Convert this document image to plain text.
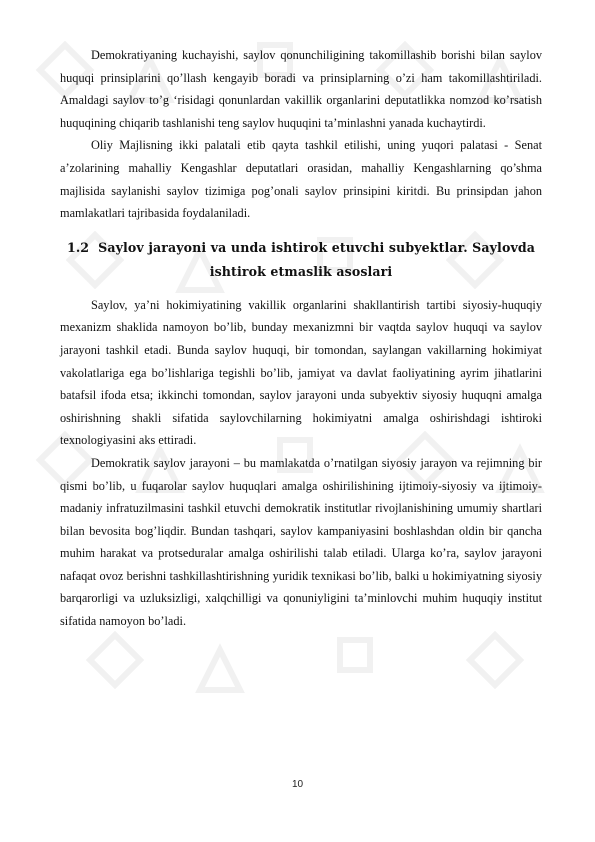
Demokratiyaning kuchayishi, saylov qonunchiligining takomillashib borishi bilan saylov huquqi prinsiplarini qo’llash kengayib boradi va prinsiplarning o’zi ham takomillashtiriladi. Amaldagi saylov to’g ‘risidagi qonunlardan vakillik organlarini deputatlikka nomzod ko’rsatish huquqining chiqarib tashlanishi teng saylov huquqini ta’minlashni yanada kuchaytirdi.

Oliy Majlisning ikki palatali etib qayta tashkil etilishi, uning yuqori palatasi - Senat a’zolarining mahalliy Kengashlar deputatlari orasidan, mahalliy Kengashlarning qo’shma majlisida saylanishi saylov tizimiga pog’onali saylov prinsipini kiritdi. Bu prinsipdan jahon mamlakatlari tajribasida foydalaniladi.

1.2 Saylov jarayoni va unda ishtirok etuvchi subyektlar. Saylovda ishtirok etmaslik asoslari

Saylov, ya’ni hokimiyatining vakillik organlarini shakllantirish tartibi siyosiy-huquqiy mexanizm shaklida namoyon bo’lib, bunday mexanizmni bir vaqtda saylov huquqi va saylov jarayoni tashkil etadi. Bunda saylov huquqi, bir tomondan, saylangan vakillarning hokimiyat vakolatlariga ega bo’lishlariga tegishli bo’lib, jamiyat va davlat faoliyatining ayrim jihatlarini batafsil ifoda etsa; ikkinchi tomondan, saylov jarayoni unda subyektiv siyosiy huquqni amalga oshirishning shakli sifatida saylovchilarning hokimiyatni amalga oshirishdagi ishtiroki texnologiyasini aks ettiradi.

Demokratik saylov jarayoni – bu mamlakatda o’rnatilgan siyosiy jarayon va rejimning bir qismi bo’lib, u fuqarolar saylov huquqlari amalga oshirilishining ijtimoiy-siyosiy va ijtimoiy-madaniy infratuzilmasini tashkil etuvchi demokratik institutlar rivojlanishining umumiy shartlari bilan bevosita bog’liqdir. Bundan tashqari, saylov kampaniyasini boshlashdan oldin bir qancha muhim harakat va protseduralar amalga oshirilishi talab etiladi. Ularga ko’ra, saylov jarayoni nafaqat ovoz berishni tashkillashtirishning yuridik texnikasi bo’lib, balki u hokimiyatning siyosiy barqarorligi va uzluksizligi, xalqchilligi va qonuniyligini ta’minlovchi muhim huquqiy institut sifatida namoyon bo’ladi.

10
